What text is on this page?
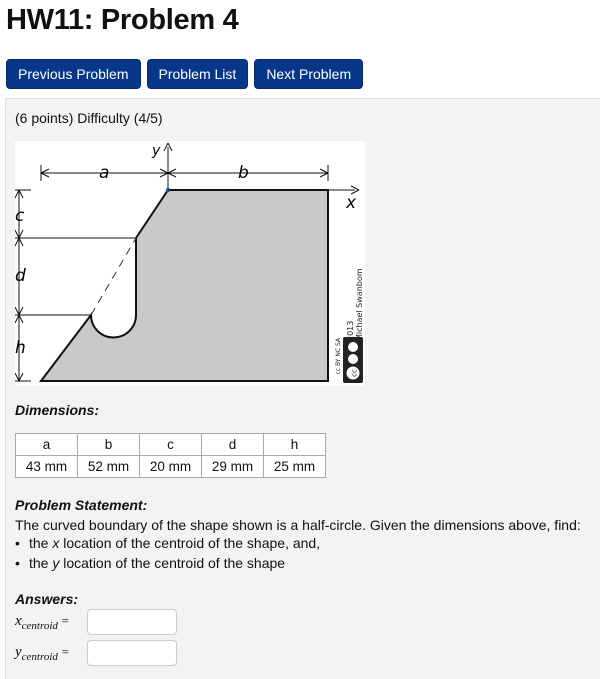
HW11: Problem 4
Previous Problem	Problem List	Next Problem
(6 points) Difficulty (4/5)
a	b
c
d
h
x
y
cc
cc BY NC SA
2013 Michael Swanbom
Dimensions:
a	b	c	d	h
43 mm	52 mm	20 mm	29 mm	25 mm
Problem Statement:
The curved boundary of the shape shown is a half-circle. Given the dimensions above, find:
• the x location of the centroid of the shape, and,
• the y location of the centroid of the shape
Answers:
$x_{centroid}$ =
$y_{centroid}$ =
